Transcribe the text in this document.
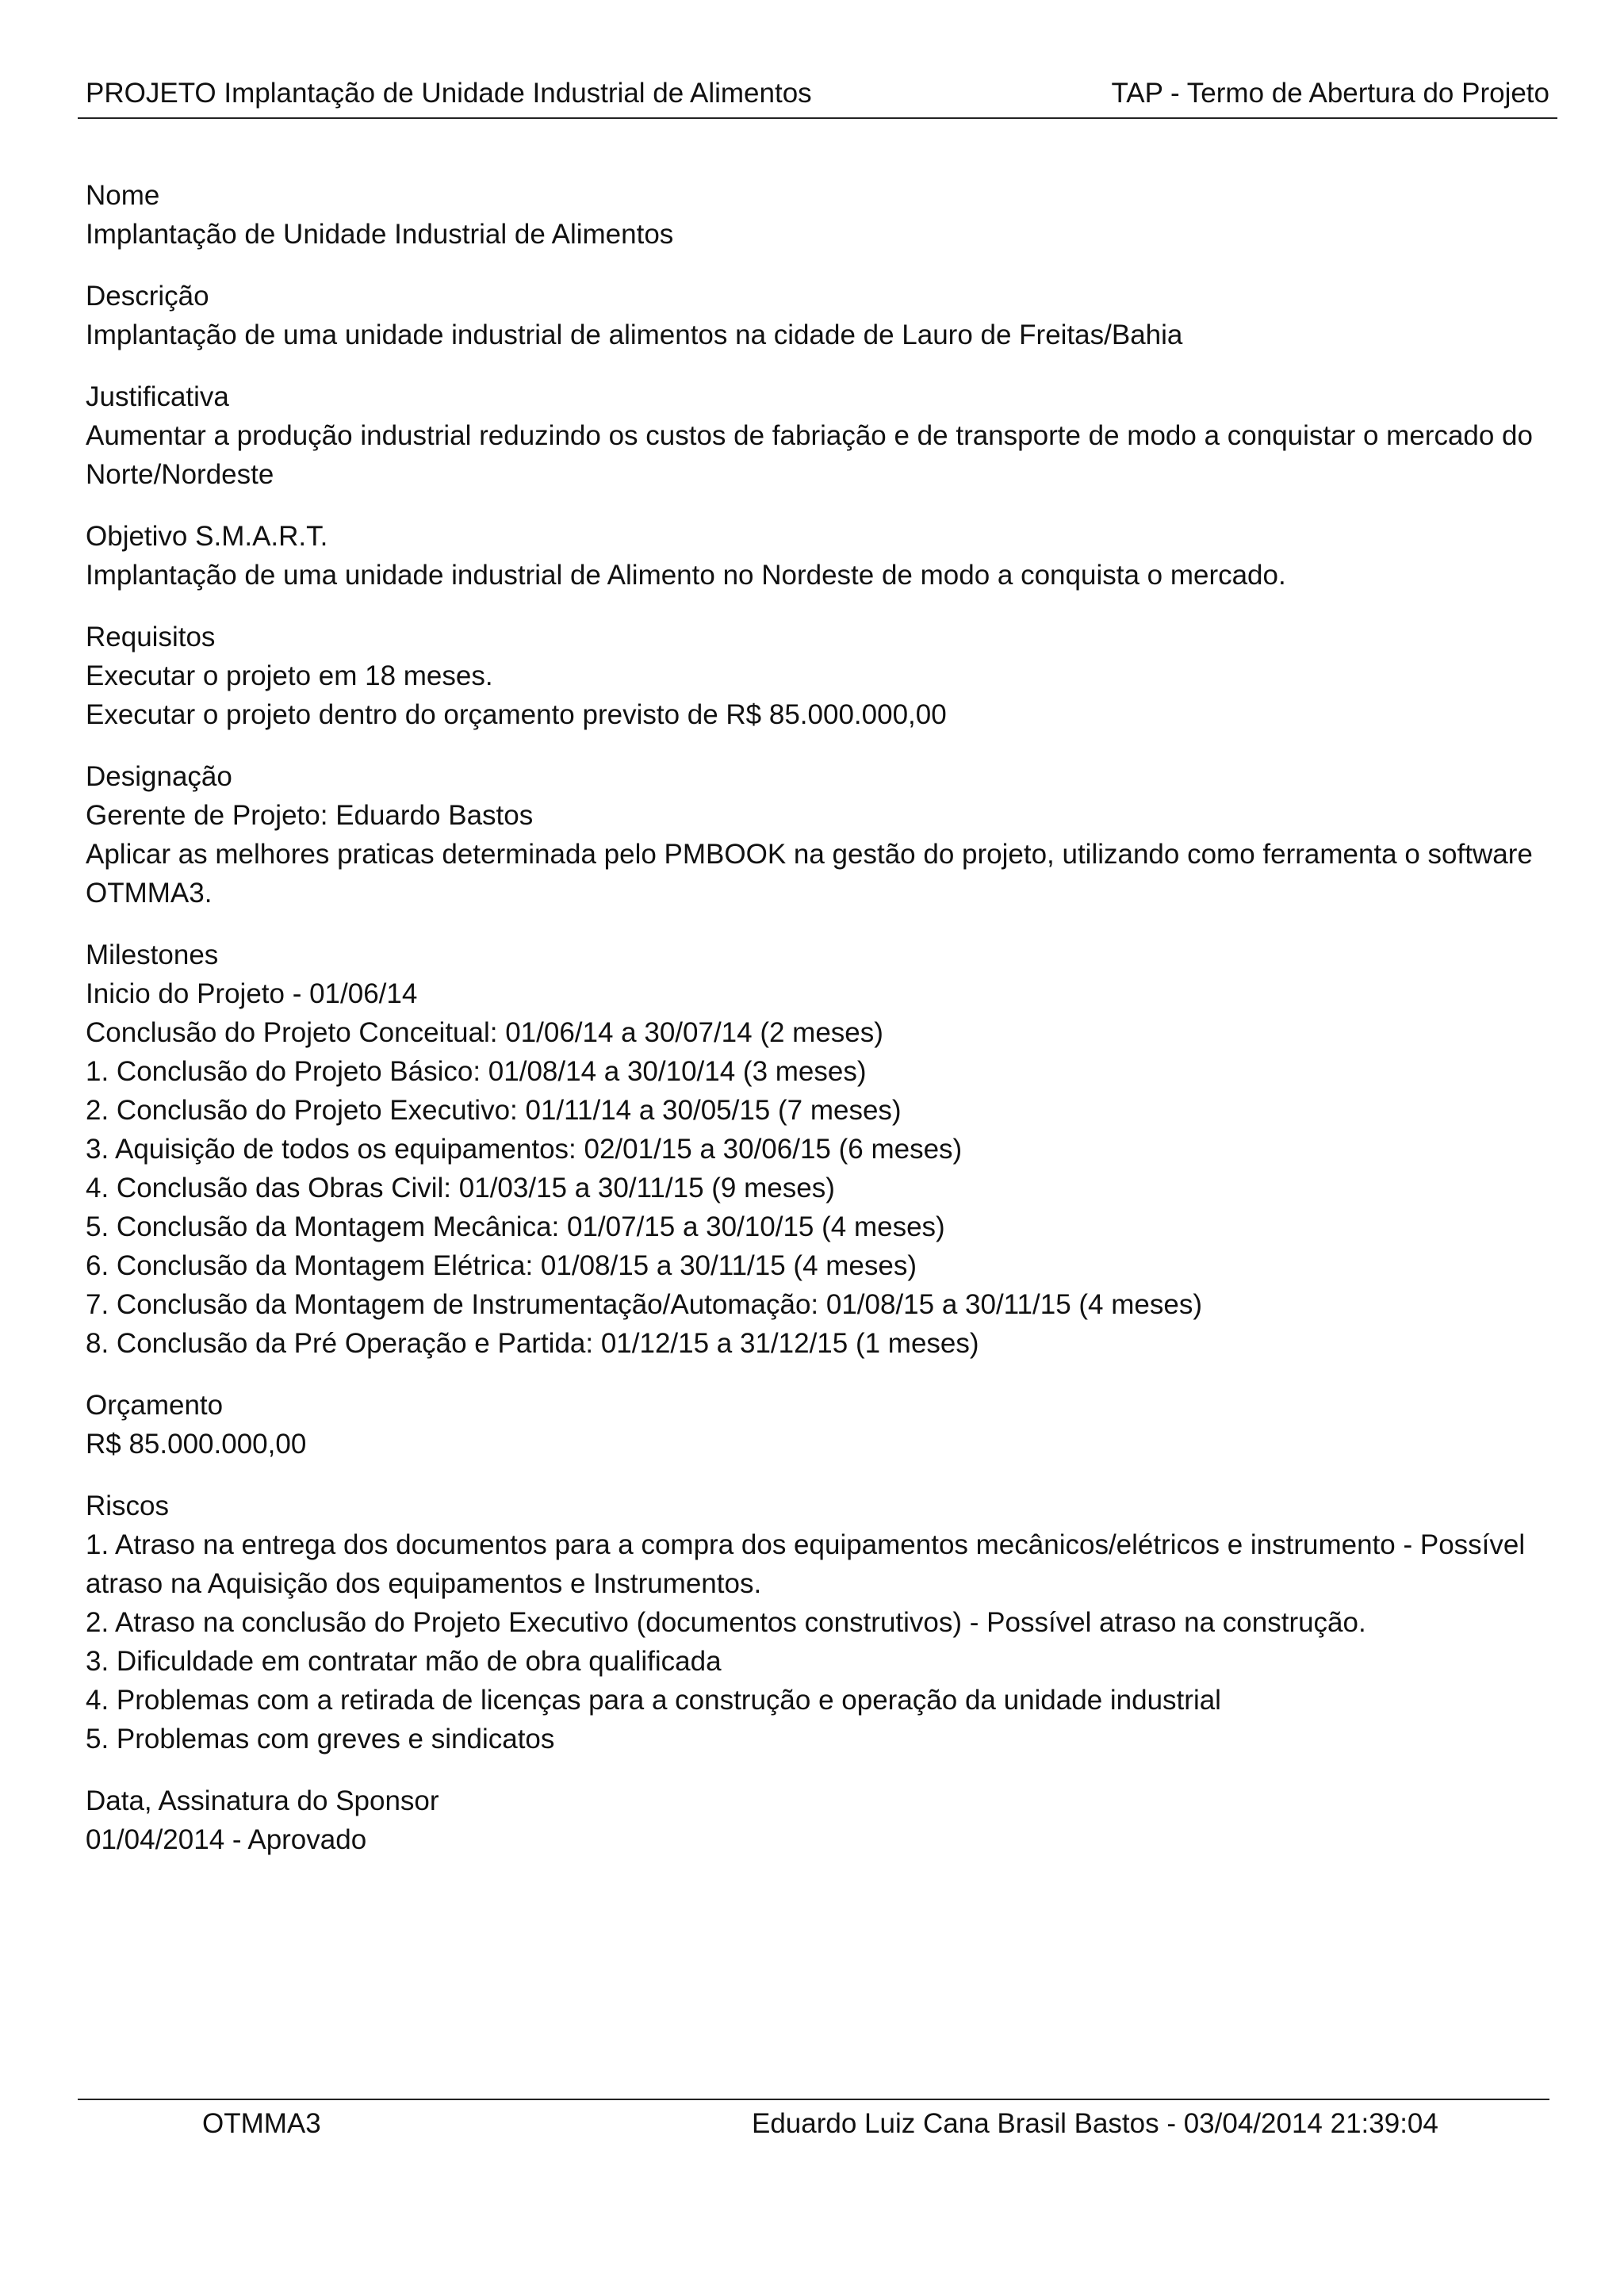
PROJETO Implantação de Unidade Industrial de Alimentos	TAP - Termo de Abertura do Projeto
Nome
Implantação de Unidade Industrial de Alimentos
Descrição
Implantação de uma unidade industrial de alimentos na cidade de Lauro de Freitas/Bahia
Justificativa
Aumentar a produção industrial reduzindo os custos de fabriação e de transporte de modo a conquistar o mercado do Norte/Nordeste
Objetivo S.M.A.R.T.
Implantação de uma unidade industrial de Alimento no Nordeste de modo a conquista o mercado.
Requisitos
Executar o projeto em 18 meses.
Executar o projeto dentro do orçamento previsto de R$ 85.000.000,00
Designação
Gerente de Projeto: Eduardo Bastos
Aplicar as melhores praticas determinada pelo PMBOOK na gestão do projeto, utilizando como ferramenta o software OTMMA3.
Milestones
Inicio do Projeto - 01/06/14
Conclusão do Projeto Conceitual: 01/06/14 a 30/07/14 (2 meses)
1. Conclusão do Projeto Básico: 01/08/14 a 30/10/14 (3 meses)
2. Conclusão do Projeto Executivo: 01/11/14 a 30/05/15 (7 meses)
3. Aquisição de todos os equipamentos: 02/01/15 a 30/06/15 (6 meses)
4. Conclusão das Obras Civil: 01/03/15 a 30/11/15 (9 meses)
5. Conclusão da Montagem Mecânica: 01/07/15 a 30/10/15 (4 meses)
6. Conclusão da Montagem Elétrica: 01/08/15 a 30/11/15 (4 meses)
7. Conclusão da Montagem de Instrumentação/Automação: 01/08/15 a 30/11/15 (4 meses)
8. Conclusão da Pré Operação e Partida: 01/12/15 a 31/12/15 (1 meses)
Orçamento
R$ 85.000.000,00
Riscos
1. Atraso na entrega dos documentos para a compra dos equipamentos mecânicos/elétricos e instrumento - Possível atraso na Aquisição dos equipamentos e Instrumentos.
2. Atraso na conclusão do Projeto Executivo (documentos construtivos) - Possível atraso na construção.
3. Dificuldade em contratar mão de obra qualificada
4. Problemas com a retirada de licenças para a construção e operação da unidade industrial
5. Problemas com greves e sindicatos
Data, Assinatura do Sponsor
01/04/2014 - Aprovado
OTMMA3	Eduardo Luiz Cana Brasil Bastos - 03/04/2014 21:39:04
